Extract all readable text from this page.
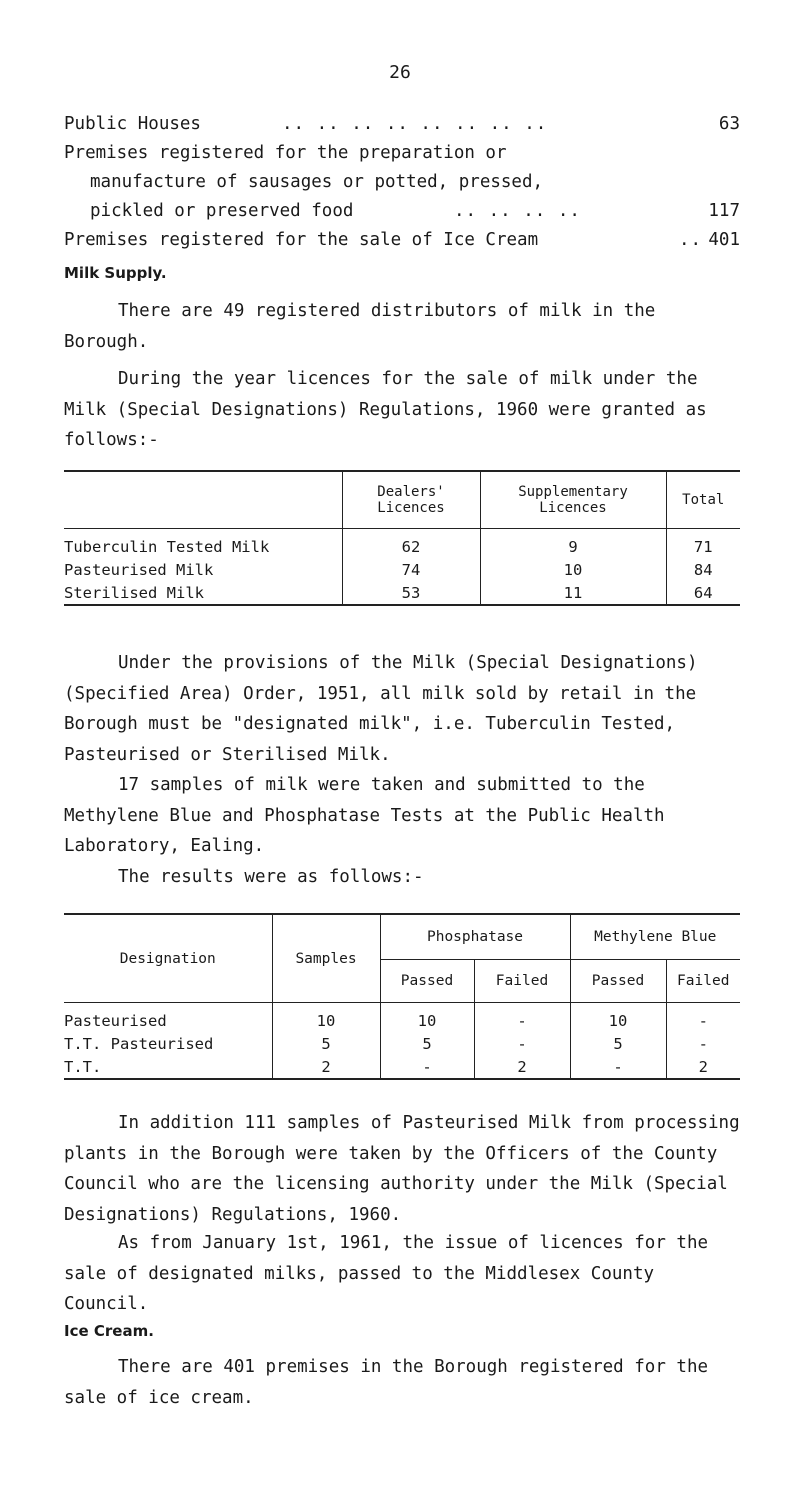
26
Public Houses	.. .. .. .. .. .. .. ..	63
Premises registered for the preparation or
manufacture of sausages or potted, pressed,
pickled or preserved food	.. .. .. ..	117
Premises registered for the sale of Ice Cream	.. 401
Milk Supply.
There are 49 registered distributors of milk in the Borough.
During the year licences for the sale of milk under the Milk (Special Designations) Regulations, 1960 were granted as follows:-

	Dealers' Licences	Supplementary Licences	Total

Tuberculin Tested Milk	62	9	71
Pasteurised Milk	74	10	84
Sterilised Milk	53	11	64

Under the provisions of the Milk (Special Designations) (Specified Area) Order, 1951, all milk sold by retail in the Borough must be "designated milk", i.e. Tuberculin Tested, Pasteurised or Sterilised Milk.
17 samples of milk were taken and submitted to the Methylene Blue and Phosphatase Tests at the Public Health Laboratory, Ealing.
The results were as follows:-

Designation	Samples	Phosphatase		Methylene Blue	
		Passed	Failed	Passed	Failed

Pasteurised	10	10	-	10	-
T.T. Pasteurised	5	5	-	5	-
T.T.	2	-	2	-	2

In addition 111 samples of Pasteurised Milk from processing plants in the Borough were taken by the Officers of the County Council who are the licensing authority under the Milk (Special Designations) Regulations, 1960.
As from January 1st, 1961, the issue of licences for the sale of designated milks, passed to the Middlesex County Council.
Ice Cream.
There are 401 premises in the Borough registered for the sale of ice cream.
